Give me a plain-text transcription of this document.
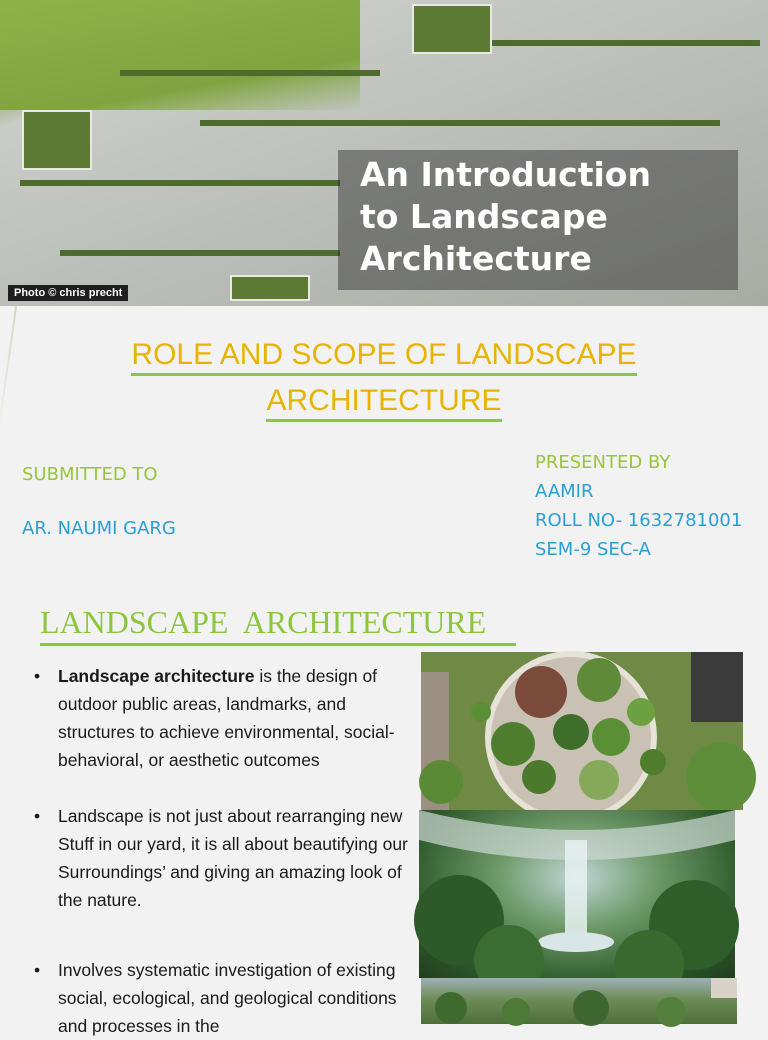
An Introduction
to Landscape
Architecture
Photo © chris precht
ROLE AND SCOPE OF LANDSCAPE
ARCHITECTURE
SUBMITTED TO
AR. NAUMI GARG
PRESENTED BY
AAMIR
ROLL NO- 1632781001
SEM-9 SEC-A
LANDSCAPE  ARCHITECTURE
• Landscape architecture is the design of outdoor public areas, landmarks, and structures to achieve environmental, social-behavioral, or aesthetic outcomes
• Landscape is not just about rearranging new Stuff in our yard, it is all about beautifying our Surroundings’ and giving an amazing look of the nature.
• Involves systematic investigation of existing social, ecological, and geological conditions and processes in the
